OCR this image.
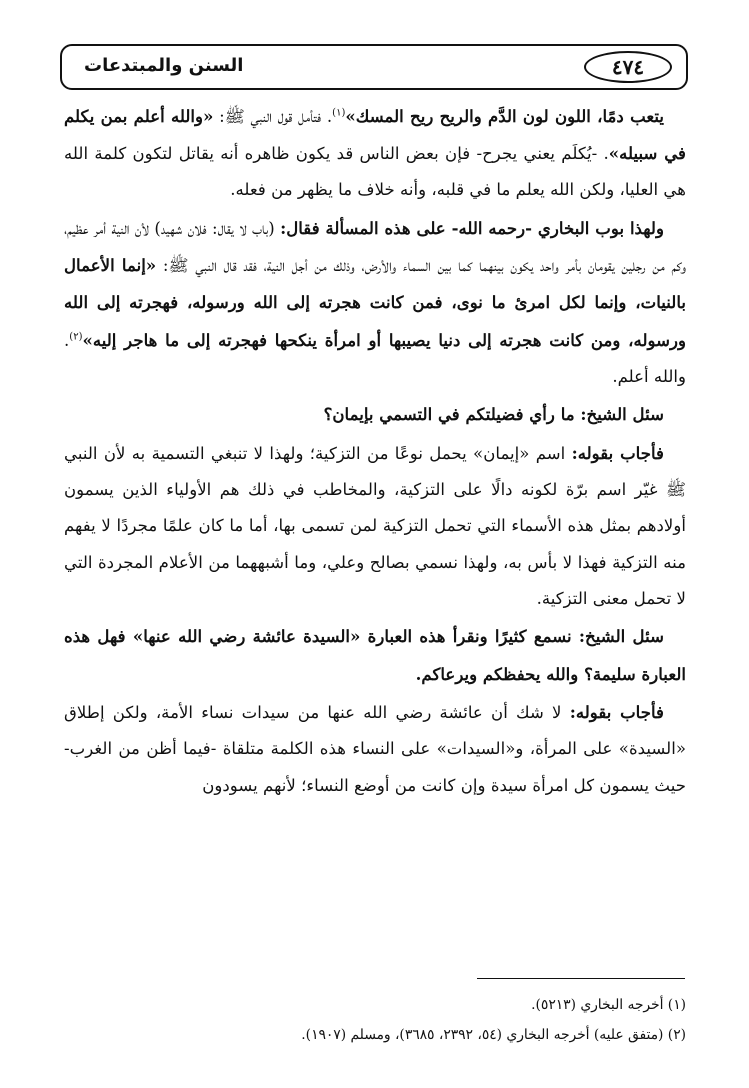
٤٧٤
السنن والمبتدعات

يتعب دمًا، اللون لون الدَّم والريح ريح المسك»$^{(١)}$. فتأمل قول النبي ﷺ: «والله أعلم بمن يكلم في سبيله». -يُكلَم يعني يجرح- فإن بعض الناس قد يكون ظاهره أنه يقاتل لتكون كلمة الله هي العليا، ولكن الله يعلم ما في قلبه، وأنه خلاف ما يظهر من فعله.

ولهذا بوب البخاري -رحمه الله- على هذه المسألة فقال: (باب لا يقال: فلان شهيد) لأن النية أمر عظيم، وكم من رجلين يقومان بأمر واحد يكون بينهما كما بين السماء والأرض، وذلك من أجل النية، فقد قال النبي ﷺ: «إنما الأعمال بالنيات، وإنما لكل امرئ ما نوى، فمن كانت هجرته إلى الله ورسوله، فهجرته إلى الله ورسوله، ومن كانت هجرته إلى دنيا يصيبها أو امرأة ينكحها فهجرته إلى ما هاجر إليه»$^{(٢)}$. والله أعلم.

سئل الشيخ: ما رأي فضيلتكم في التسمي بإيمان؟

فأجاب بقوله: اسم «إيمان» يحمل نوعًا من التزكية؛ ولهذا لا تنبغي التسمية به لأن النبي ﷺ غيّر اسم برّة لكونه دالًا على التزكية، والمخاطب في ذلك هم الأولياء الذين يسمون أولادهم بمثل هذه الأسماء التي تحمل التزكية لمن تسمى بها، أما ما كان علمًا مجردًا لا يفهم منه التزكية فهذا لا بأس به، ولهذا نسمي بصالح وعلي، وما أشبههما من الأعلام المجردة التي لا تحمل معنى التزكية.

سئل الشيخ: نسمع كثيرًا ونقرأ هذه العبارة «السيدة عائشة رضي الله عنها» فهل هذه العبارة سليمة؟ والله يحفظكم ويرعاكم.

فأجاب بقوله: لا شك أن عائشة رضي الله عنها من سيدات نساء الأمة، ولكن إطلاق «السيدة» على المرأة، و«السيدات» على النساء هذه الكلمة متلقاة -فيما أظن من الغرب- حيث يسمون كل امرأة سيدة وإن كانت من أوضع النساء؛ لأنهم يسودون

(١) أخرجه البخاري (٥٢١٣).
(٢) (متفق عليه) أخرجه البخاري (٥٤، ٢٣٩٢، ٣٦٨٥)، ومسلم (١٩٠٧).
